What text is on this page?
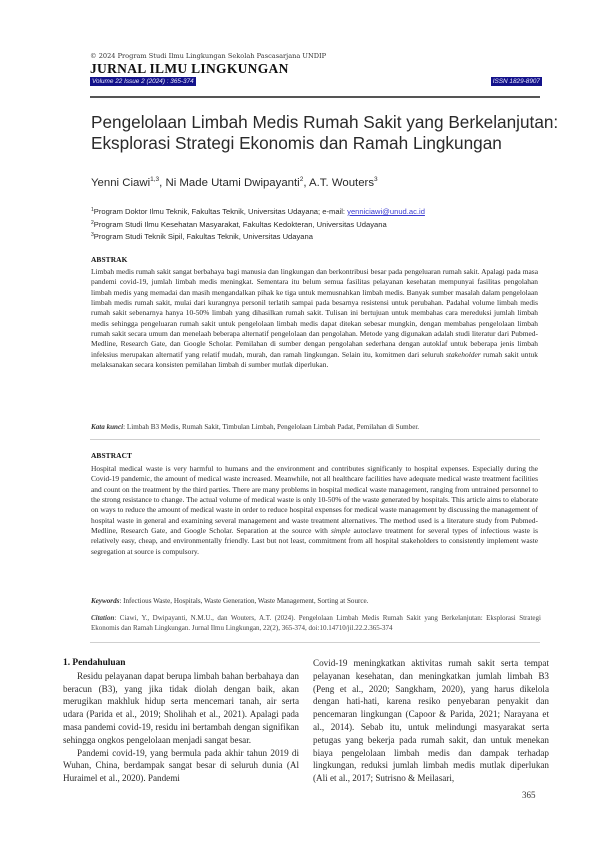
© 2024 Program Studi Ilmu Lingkungan Sekolah Pascasarjana UNDIP
JURNAL ILMU LINGKUNGAN
Volume 22 Issue 2 (2024) : 365-374	ISSN 1829-8907
Pengelolaan Limbah Medis Rumah Sakit yang Berkelanjutan:
Eksplorasi Strategi Ekonomis dan Ramah Lingkungan
Yenni Ciawi$^{1,3}$, Ni Made Utami Dwipayanti$^2$, A.T. Wouters$^3$
$^1$Program Doktor Ilmu Teknik, Fakultas Teknik, Universitas Udayana; e-mail: yenniciawi@unud.ac.id
$^2$Program Studi Ilmu Kesehatan Masyarakat, Fakultas Kedokteran, Universitas Udayana
$^3$Program Studi Teknik Sipil, Fakultas Teknik, Universitas Udayana
ABSTRAK

Limbah medis rumah sakit sangat berbahaya bagi manusia dan lingkungan dan berkontribusi besar pada pengeluaran rumah sakit. Apalagi pada masa pandemi covid-19, jumlah limbah medis meningkat. Sementara itu belum semua fasilitas pelayanan kesehatan mempunyai fasilitas pengolahan limbah medis yang memadai dan masih mengandalkan pihak ke tiga untuk memusnahkan limbah medis. Banyak sumber masalah dalam pengelolaan limbah medis rumah sakit, mulai dari kurangnya personil terlatih sampai pada besarnya resistensi untuk perubahan. Padahal volume limbah medis rumah sakit sebenarnya hanya 10-50% limbah yang dihasilkan rumah sakit. Tulisan ini bertujuan untuk membahas cara mereduksi jumlah limbah medis sehingga pengeluaran rumah sakit untuk pengelolaan limbah medis dapat ditekan sebesar mungkin, dengan membahas pengelolaan limbah rumah sakit secara umum dan menelaah beberapa alternatif pengelolaan dan pengolahan. Metode yang digunakan adalah studi literatur dari Pubmed-Medline, Research Gate, dan Google Scholar. Pemilahan di sumber dengan pengolahan sederhana dengan autoklaf untuk beberapa jenis limbah infeksius merupakan alternatif yang relatif mudah, murah, dan ramah lingkungan. Selain itu, komitmen dari seluruh stakeholder rumah sakit untuk melaksanakan secara konsisten pemilahan limbah di sumber mutlak diperlukan.

Kata kunci: Limbah B3 Medis, Rumah Sakit, Timbulan Limbah, Pengelolaan Limbah Padat, Pemilahan di Sumber.
ABSTRACT

Hospital medical waste is very harmful to humans and the environment and contributes significanly to hospital expenses. Especially during the Covid-19 pandemic, the amount of medical waste increased. Meanwhile, not all healthcare facilities have adequate medical waste treatment facilities and count on the treatment by the third parties. There are many problems in hospital medical waste management, ranging from untrained personnel to the strong resistance to change. The actual volume of medical waste is only 10-50% of the waste generated by hospitals. This article aims to elaborate on ways to reduce the amount of medical waste in order to reduce hospital expenses for medical waste management by discussing the management of hospital waste in general and examining several management and waste treatment alternatives. The method used is a literature study from Pubmed-Medline, Research Gate, and Google Scholar. Separation at the source with simple autoclave treatment for several types of infectious waste is relatively easy, cheap, and environmentally friendly. Last but not least, commitment from all hospital stakeholders to consistently implement waste segregation at source is compulsory.

Keywords: Infectious Waste, Hospitals, Waste Generation, Waste Management, Sorting at Source.
Citation: Ciawi, Y., Dwipayanti, N.M.U., dan Wouters, A.T. (2024). Pengelolaan Limbah Medis Rumah Sakit yang Berkelanjutan: Eksplorasi Strategi Ekonomis dan Ramah Lingkungan. Jurnal Ilmu Lingkungan, 22(2), 365-374, doi:10.14710/jil.22.2.365-374
1. Pendahuluan

Residu pelayanan dapat berupa limbah bahan berbahaya dan beracun (B3), yang jika tidak diolah dengan baik, akan merugikan makhluk hidup serta mencemari tanah, air serta udara (Parida et al., 2019; Sholihah et al., 2021). Apalagi pada masa pandemi covid-19, residu ini bertambah dengan signifikan sehingga ongkos pengelolaan menjadi sangat besar.

Pandemi covid-19, yang bermula pada akhir tahun 2019 di Wuhan, China, berdampak sangat besar di seluruh dunia (Al Huraimel et al., 2020). Pandemi

Covid-19 meningkatkan aktivitas rumah sakit serta tempat pelayanan kesehatan, dan meningkatkan jumlah limbah B3 (Peng et al., 2020; Sangkham, 2020), yang harus dikelola dengan hati-hati, karena resiko penyebaran penyakit dan pencemaran lingkungan (Capoor & Parida, 2021; Narayana et al., 2014). Sebab itu, untuk melindungi masyarakat serta petugas yang bekerja pada rumah sakit, dan untuk menekan biaya pengelolaan limbah medis dan dampak terhadap lingkungan, reduksi jumlah limbah medis mutlak diperlukan (Ali et al., 2017; Sutrisno & Meilasari,

365
